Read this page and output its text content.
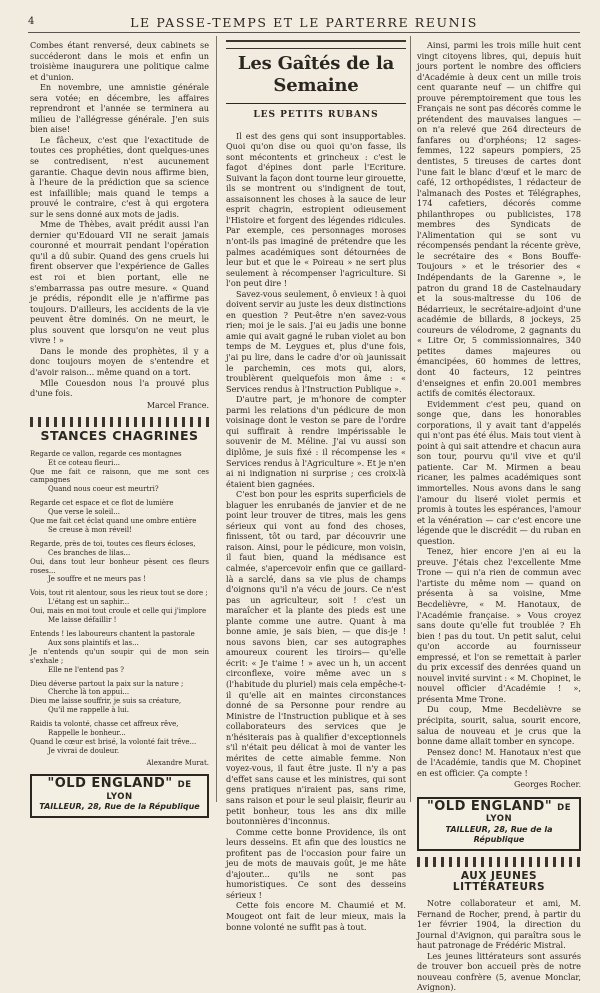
4	LE PASSE-TEMPS ET LE PARTERRE REUNIS

Combes étant renversé, deux cabinets se succéderont dans le mois et enfin un troisième inaugurera une politique calme et d'union.

En novembre, une amnistie générale sera votée; en décembre, les affaires reprendront et l'année se terminera au milieu de l'allégresse générale. J'en suis bien aise!

Le fâcheux, c'est que l'exactitude de toutes ces prophéties, dont quelques-unes se contredisent, n'est aucunement garantie. Chaque devin nous affirme bien, à l'heure de la prédiction que sa science est infaillible; mais quand le temps a prouvé le contraire, c'est à qui ergotera sur le sens donné aux mots de jadis.

Mme de Thèbes, avait prédit aussi l'an dernier qu'Edouard VII ne serait jamais couronné et mourrait pendant l'opération qu'il a dû subir. Quand des gens cruels lui firent observer que l'expérience de Galles est roi et bien portant, elle ne s'embarrassa pas outre mesure. « Quand je prédis, répondit elle je n'affirme pas toujours. D'ailleurs, les accidents de la vie peuvent être dominés. On ne meurt, le plus souvent que lorsqu'on ne veut plus vivre ! »

Dans le monde des prophètes, il y a donc toujours moyen de s'entendre et d'avoir raison... même quand on a tort.

Mlle Couesdon nous l'a prouvé plus d'une fois.

Marcel France.
STANCES CHAGRINES
Regarde ce vallon, regarde ces montagnes
Et ce coteau fleuri...
Que me fait ce raisonn, que me sont ces campagnes
Quand nous coeur est meurtri?
Regarde cet espace et ce flot de lumière
Que verse le soleil...
Que me fait cet éclat quand une ombre entière
Se creuse à mon réveil!
Regarde, près de toi, toutes ces fleurs écloses,
Ces branches de lilas...
Oui, dans tout leur bonheur pèsent ces fleurs roses...
Je souffre et ne meurs pas !
Vois, tout rit alentour, sous les rieux tout se dore ;
L'étang est un saphir...
Oui, mais en moi tout croule et celle qui j'implore
Me laisse défaillir !
Entends ! les laboureurs chantent la pastorale
Aux sons plaintifs et las...
Je n'entends qu'un soupir qui de mon sein s'exhale ;
Elle ne l'entend pas ?
Dieu déverse partout la paix sur la nature ;
Cherche là ton appui...
Dieu me laisse souffrir, je suis sa créature,
Qu'il me rappelle à lui.
Raidis ta volonté, chasse cet affreux rêve,
Rappelle le bonheur...
Quand le cœur est brisé, la volonté fait trêve...
Je vivrai de douleur.
Alexandre Murat.
"OLD ENGLAND" DE LYON
TAILLEUR, 28, Rue de la République
Les Gaîtés de la Semaine
LES PETITS RUBANS

Il est des gens qui sont insupportables. Quoi qu'on dise ou quoi qu'on fasse, ils sont mécontents et grincheux : c'est le fagot d'épines dont parle l'Ecriture. Suivant la façon dont tourne leur girouette, ils se montrent ou s'indignent de tout, assaisonnent les choses à la sauce de leur esprit chagrin, estropient odieusement l'Histoire et forgent des légendes ridicules. Par exemple, ces personnages moroses n'ont-ils pas imaginé de prétendre que les palmes académiques sont détournées de leur but et que le « Poireau » ne sert plus seulement à récompenser l'agriculture. Si l'on peut dire !

Savez-vous seulement, ô envieux ! à quoi doivent servir au juste les deux distinctions en question ? Peut-être n'en savez-vous rien; moi je le sais. J'ai eu jadis une bonne amie qui avait gagné le ruban violet au bon temps de M. Leygues et, plus d'une fois, j'ai pu lire, dans le cadre d'or où jaunissait le parchemin, ces mots qui, alors, troublèrent quelquefois mon âme : « Services rendus à l'Instruction Publique ».

D'autre part, je m'honore de compter parmi les relations d'un pédicure de mon voisinage dont le veston se pare de l'ordre qui suffirait à rendre impérissable le souvenir de M. Méline. J'ai vu aussi son diplôme, je suis fixé : il récompense les « Services rendus à l'Agriculture ». Et je n'en ai ni indignation ni surprise ; ces croix-là étaient bien gagnées.

C'est bon pour les esprits superficiels de blaguer les enrubanés de janvier et de ne point leur trouver de titres, mais les gens sérieux qui vont au fond des choses, finissent, tôt ou tard, par découvrir une raison. Ainsi, pour le pédicure, mon voisin, il faut bien, quand la médisance est calmée, s'apercevoir enfin que ce gaillard-là a sarclé, dans sa vie plus de champs d'oignons qu'il n'a vécu de jours. Ce n'est pas un agriculteur, soit ! c'est un maraîcher et la plante des pieds est une plante comme une autre. Quant à ma bonne amie, je sais bien, — que dis-je ! nous savons bien, car ses autographes amoureux courent les tiroirs— qu'elle écrit: « Je t'aime ! » avec un h, un accent circonflexe, voire même avec un s (l'habitude du pluriel) mais cela empêche-t-il qu'elle ait en maintes circonstances donné de sa Personne pour rendre au Ministre de l'Instruction publique et à ses collaborateurs des services que je n'hésiterais pas à qualifier d'exceptionnels s'il n'était peu délicat à moi de vanter les mérites de cette aimable femme. Non voyez-vous, il faut être juste. Il n'y a pas d'effet sans cause et les ministres, qui sont gens pratiques n'iraient pas, sans rime, sans raison et pour le seul plaisir, fleurir au petit bonheur, tous les ans dix mille boutonnières d'inconnus.

Comme cette bonne Providence, ils ont leurs desseins. Et afin que des loustics ne profitent pas de l'occasion pour faire un jeu de mots de mauvais goût, je me hâte d'ajouter... qu'ils ne sont pas humoristiques. Ce sont des desseins sérieux !

Cette fois encore M. Chaumié et M. Mougeot ont fait de leur mieux, mais la bonne volonté ne suffit pas à tout.

Ainsi, parmi les trois mille huit cent vingt citoyens libres, qui, depuis huit jours portent le nombre des officiers d'Académie à deux cent un mille trois cent quarante neuf — un chiffre qui prouve péremptoirement que tous les Français ne sont pas décorés comme le prétendent des mauvaises langues — on n'a relevé que 264 directeurs de fanfares ou d'orphéons; 12 sages-femmes, 122 sapeurs pompiers, 25 dentistes, 5 tireuses de cartes dont l'une fait le blanc d'œuf et le marc de café, 12 orthopédistes, 1 rédacteur de l'almanach des Postes et Télégraphes, 174 cafetiers, décorés comme philanthropes ou publicistes, 178 membres des Syndicats de l'Alimentation qui se sont vu récompensés pendant la récente grève, le secrétaire des « Bons Bouffe-Toujours » et le trésorier des « Indépendants de la Garenne », le patron du grand 18 de Castelnaudary et la sous-maîtresse du 106 de Bédarrieux, le secrétaire-adjoint d'une académie de billards, 8 jockeys, 25 coureurs de vélodrome, 2 gagnants du « Litre Or, 5 commissionnaires, 340 petites dames majeures ou émancipées, 60 hommes de lettres, dont 40 facteurs, 12 peintres d'enseignes et enfin 20.001 membres actifs de comités électoraux.

Evidemment c'est peu, quand on songe que, dans les honorables corporations, il y avait tant d'appelés qui n'ont pas été élus. Mais tout vient à point à qui sait attendre et chacun aura son tour, pourvu qu'il vive et qu'il patiente. Car M. Mirmen a beau ricaner, les palmes académiques sont immortelles. Nous avons dans le sang l'amour du liseré violet permis et promis à toutes les espérances, l'amour et la vénération — car c'est encore une légende que le discrédit — du ruban en question.

Tenez, hier encore j'en ai eu la preuve. J'étais chez l'excellente Mme Trone — qui n'a rien de commun avec l'artiste du même nom — quand on présenta à sa voisine, Mme Becdelièvre, « M. Hanotaux, de l'Académie française. » Vous croyez sans doute qu'elle fut troublée ? Eh bien ! pas du tout. Un petit salut, celui qu'on accorde au fournisseur empressé, et l'on se remettait à parler du prix excessif des denrées quand un nouvel invité survint : « M. Chopinet, le nouvel officier d'Académie ! », présenta Mme Trone.

Du coup, Mme Becdelièvre se précipita, sourit, salua, sourit encore, salua de nouveau et je crus que la bonne dame allait tomber en syncope.

Pensez donc! M. Hanotaux n'est que de l'Académie, tandis que M. Chopinet en est officier. Ça compte !

Georges Rocher.
"OLD ENGLAND" DE LYON
TAILLEUR, 28, Rue de la République
AUX JEUNES LITTÉRATEURS

Notre collaborateur et ami, M. Fernand de Rocher, prend, à partir du 1er février 1904, la direction du Journal d'Avignon, qui paraîtra sous le haut patronage de Frédéric Mistral.

Les jeunes littérateurs sont assurés de trouver bon accueil près de notre nouveau confrère (5, avenue Monclar, Avignon).
